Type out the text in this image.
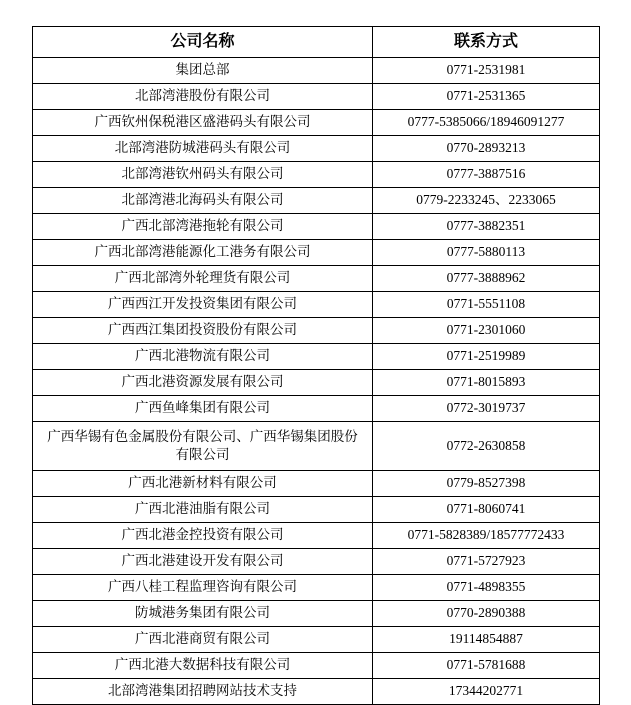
公司名称	联系方式
集团总部	0771-2531981
北部湾港股份有限公司	0771-2531365
广西钦州保税港区盛港码头有限公司	0777-5385066/18946091277
北部湾港防城港码头有限公司	0770-2893213
北部湾港钦州码头有限公司	0777-3887516
北部湾港北海码头有限公司	0779-2233245、2233065
广西北部湾港拖轮有限公司	0777-3882351
广西北部湾港能源化工港务有限公司	0777-5880113
广西北部湾外轮理货有限公司	0777-3888962
广西西江开发投资集团有限公司	0771-5551108
广西西江集团投资股份有限公司	0771-2301060
广西北港物流有限公司	0771-2519989
广西北港资源发展有限公司	0771-8015893
广西鱼峰集团有限公司	0772-3019737
广西华锡有色金属股份有限公司、广西华锡集团股份有限公司	0772-2630858
广西北港新材料有限公司	0779-8527398
广西北港油脂有限公司	0771-8060741
广西北港金控投资有限公司	0771-5828389/18577772433
广西北港建设开发有限公司	0771-5727923
广西八桂工程监理咨询有限公司	0771-4898355
防城港务集团有限公司	0770-2890388
广西北港商贸有限公司	19114854887
广西北港大数据科技有限公司	0771-5781688
北部湾港集团招聘网站技术支持	17344202771
